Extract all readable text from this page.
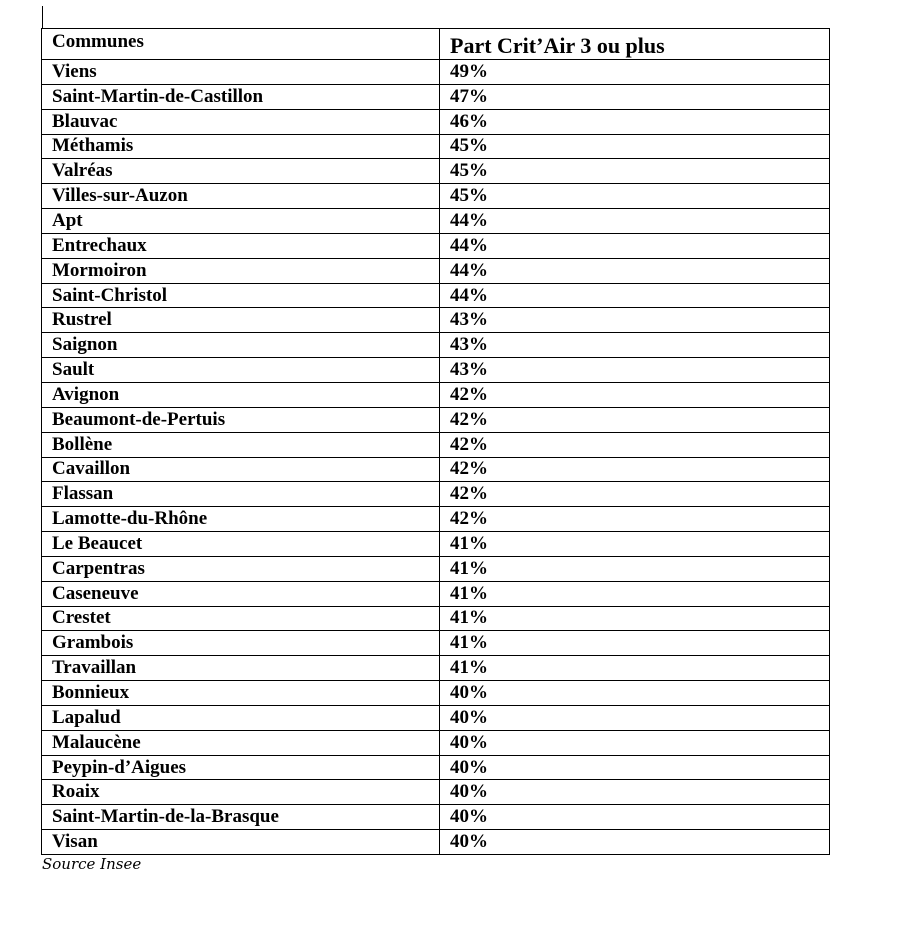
Communes	Part Crit’Air 3 ou plus
Viens	49%
Saint-Martin-de-Castillon	47%
Blauvac	46%
Méthamis	45%
Valréas	45%
Villes-sur-Auzon	45%
Apt	44%
Entrechaux	44%
Mormoiron	44%
Saint-Christol	44%
Rustrel	43%
Saignon	43%
Sault	43%
Avignon	42%
Beaumont-de-Pertuis	42%
Bollène	42%
Cavaillon	42%
Flassan	42%
Lamotte-du-Rhône	42%
Le Beaucet	41%
Carpentras	41%
Caseneuve	41%
Crestet	41%
Grambois	41%
Travaillan	41%
Bonnieux	40%
Lapalud	40%
Malaucène	40%
Peypin-d’Aigues	40%
Roaix	40%
Saint-Martin-de-la-Brasque	40%
Visan	40%
Source Insee
